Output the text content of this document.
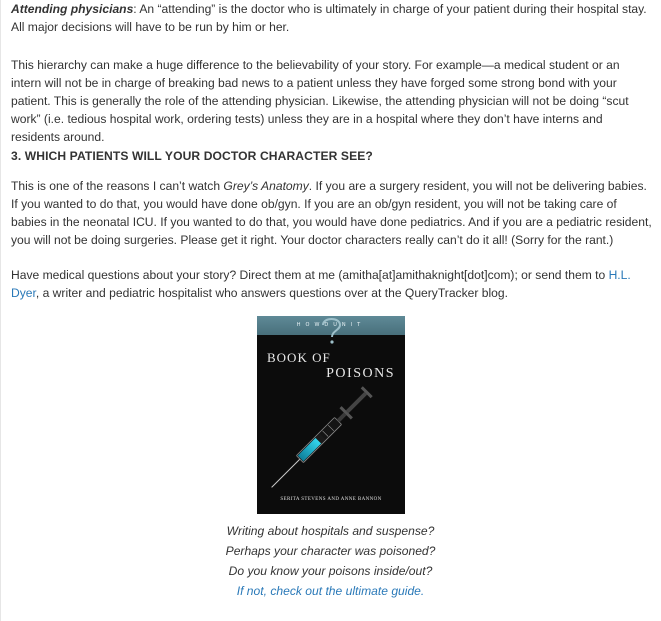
Attending physicians: An “attending” is the doctor who is ultimately in charge of your patient during their hospital stay. All major decisions will have to be run by him or her.

This hierarchy can make a huge difference to the believability of your story. For example—a medical student or an intern will not be in charge of breaking bad news to a patient unless they have forged some strong bond with your patient. This is generally the role of the attending physician. Likewise, the attending physician will not be doing “scut work” (i.e. tedious hospital work, ordering tests) unless they are in a hospital where they don’t have interns and residents around.

3. WHICH PATIENTS WILL YOUR DOCTOR CHARACTER SEE?

This is one of the reasons I can’t watch Grey’s Anatomy. If you are a surgery resident, you will not be delivering babies. If you wanted to do that, you would have done ob/gyn. If you are an ob/gyn resident, you will not be taking care of babies in the neonatal ICU. If you wanted to do that, you would have done pediatrics. And if you are a pediatric resident, you will not be doing surgeries. Please get it right. Your doctor characters really can’t do it all! (Sorry for the rant.)

Have medical questions about your story? Direct them at me (amitha[at]amithaknight[dot]com); or send them to H.L. Dyer, a writer and pediatric hospitalist who answers questions over at the QueryTracker blog.

HOWDUNIT
BOOK OF
POISONS
SERITA STEVENS AND ANNE BANNON
Writing about hospitals and suspense?
Perhaps your character was poisoned?
Do you know your poisons inside/out?
If not, check out the ultimate guide.
